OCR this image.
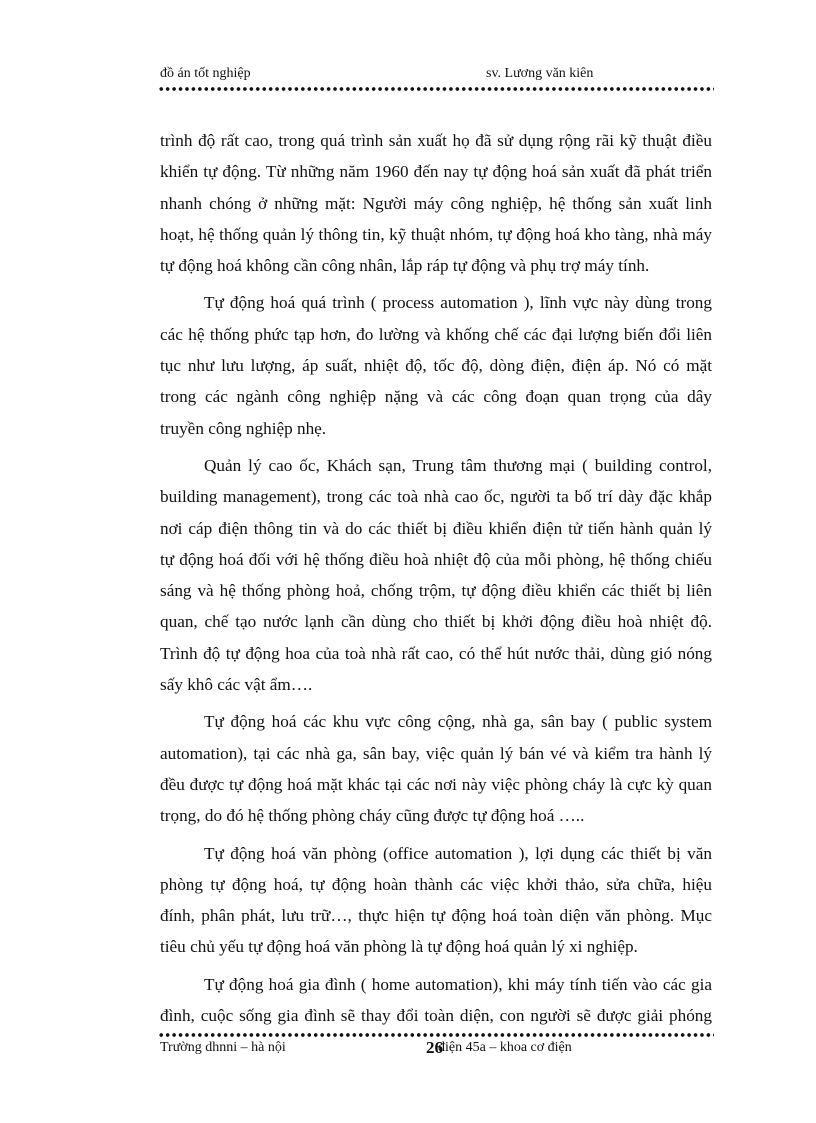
đồ án tốt nghiệp	sv. Lương văn kiên
trình độ rất cao, trong quá trình sản xuất họ đã sử dụng rộng rãi kỹ thuật điều
khiển tự động. Từ những năm 1960 đến nay tự động hoá sản xuất đã phát triển
nhanh chóng ở những mặt: Người máy công nghiệp, hệ thống sản xuất linh
hoạt, hệ thống quản lý thông tin, kỹ thuật nhóm, tự động hoá kho tàng, nhà máy
tự động hoá không cần công nhân, lắp ráp tự động và phụ trợ máy tính.
Tự động hoá quá trình ( process automation ), lĩnh vực này dùng trong
các hệ thống phức tạp hơn, đo lường và khống chế các đại lượng biến đổi liên
tục như lưu lượng, áp suất, nhiệt độ, tốc độ, dòng điện, điện áp. Nó có mặt
trong các ngành công nghiệp nặng và các công đoạn quan trọng của dây
truyền công nghiệp nhẹ.
Quản lý cao ốc, Khách sạn, Trung tâm thương mại ( building control,
building management), trong các toà nhà cao ốc, người ta bố trí dày đặc khắp
nơi cáp điện thông tin và do các thiết bị điều khiển điện tử tiến hành quản lý
tự động hoá đối với hệ thống điều hoà nhiệt độ của mỗi phòng, hệ thống chiếu
sáng và hệ thống phòng hoả, chống trộm, tự động điều khiển các thiết bị liên
quan, chế tạo nước lạnh cần dùng cho thiết bị khởi động điều hoà nhiệt độ.
Trình độ tự động hoa của toà nhà rất cao, có thể hút nước thải, dùng gió nóng
sấy khô các vật ẩm….
Tự động hoá các khu vực công cộng, nhà ga, sân bay ( public system
automation), tại các nhà ga, sân bay, việc quản lý bán vé và kiểm tra hành lý
đều được tự động hoá mặt khác tại các nơi này việc phòng cháy là cực kỳ quan
trọng, do đó hệ thống phòng cháy cũng được tự động hoá …..
Tự động hoá văn phòng (office automation ), lợi dụng các thiết bị văn
phòng tự động hoá, tự động hoàn thành các việc khởi thảo, sửa chữa, hiệu
đính, phân phát, lưu trữ…, thực hiện tự động hoá toàn diện văn phòng. Mục
tiêu chủ yếu tự động hoá văn phòng là tự động hoá quản lý xi nghiệp.
Tự động hoá gia đình ( home automation), khi máy tính tiến vào các gia
đình, cuộc sống gia đình sẽ thay đổi toàn diện, con người sẽ được giải phóng
Trường dhnni – hà nội	26
điện 45a – khoa cơ điện
